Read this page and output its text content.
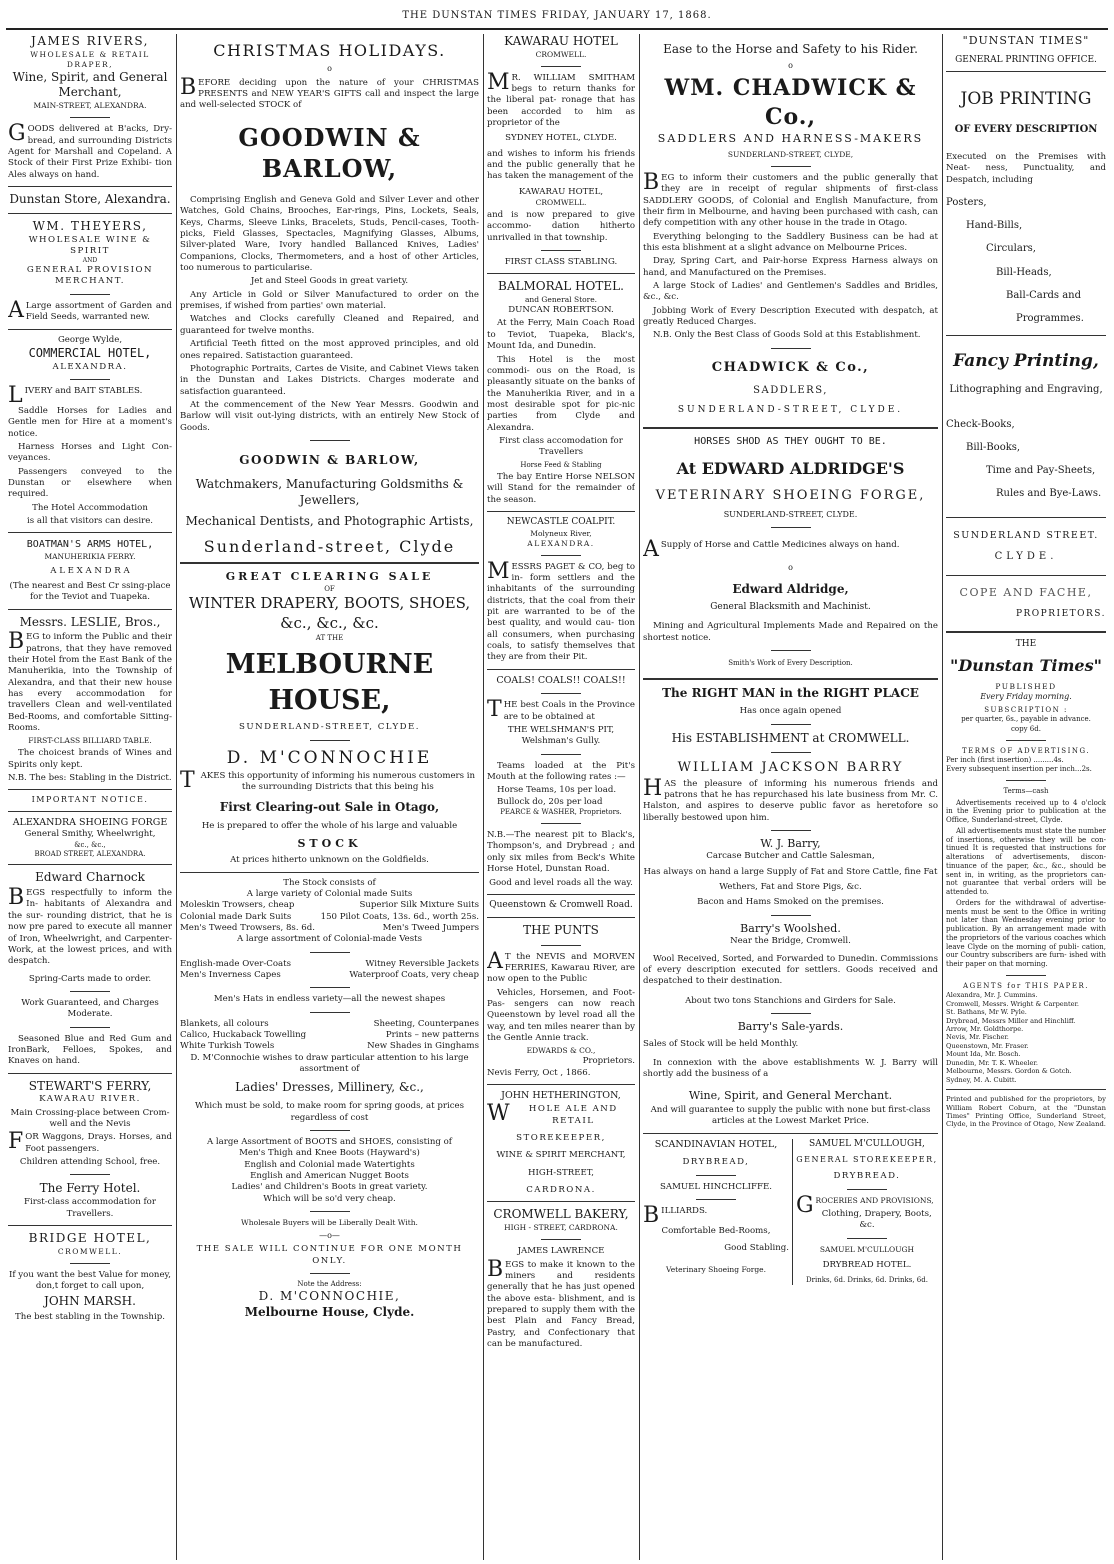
THE DUNSTAN TIMES FRIDAY, JANUARY 17, 1868.
JAMES RIVERS,
WHOLESALE & RETAIL DRAPER,
Wine, Spirit, and General
Merchant,
MAIN-STREET, ALEXANDRA.

GOODS delivered at B'acks, Dry- bread, and surrounding Districts Agent for Marshall and Copeland. A Stock of their First Prize Exhibi- tion Ales always on hand.

Dunstan Store, Alexandra.
WM. THEYERS,
WHOLESALE WINE & SPIRIT
AND
GENERAL PROVISION
MERCHANT.

A Large assortment of Garden and Field Seeds, warranted new.

George Wylde,
COMMERCIAL HOTEL,
ALEXANDRA.

LIVERY and BAIT STABLES.

Saddle Horses for Ladies and Gentle men for Hire at a moment's notice.

Harness Horses and Light Con- veyances.

Passengers conveyed to the Dunstan or elsewhere when required.

The Hotel Accommodation

is all that visitors can desire.

BOATMAN'S ARMS HOTEL,
MANUHERIKIA FERRY.
A L E X A N D R A

(The nearest and Best Cr ssing-place for the Teviot and Tuapeka.

Messrs. LESLIE, Bros.,

BEG to inform the Public and their patrons, that they have removed their Hotel from the East Bank of the Manuherikia, into the Township of Alexandra, and that their new house has every accommodation for travellers Clean and well-ventilated Bed-Rooms, and comfortable Sitting-Rooms.

FIRST-CLASS BILLIARD TABLE.

The choicest brands of Wines and Spirits only kept.

N.B. The bes: Stabling in the District.

IMPORTANT NOTICE.
ALEXANDRA SHOEING FORGE
General Smithy, Wheelwright,
&c., &c.,
BROAD STREET, ALEXANDRA.
Edward Charnock

BEGS respectfully to inform the In- habitants of Alexandra and the sur- rounding district, that he is now pre pared to execute all manner of Iron, Wheelwright, and Carpenter-Work, at the lowest prices, and with despatch.

Spring-Carts made to order.

Work Guaranteed, and Charges Moderate.

Seasoned Blue and Red Gum and IronBark, Felloes, Spokes, and Knaves on hand.

STEWART'S FERRY,
KAWARAU RIVER.

Main Crossing-place between Crom- well and the Nevis

FOR Waggons, Drays. Horses, and Foot passengers.

Children attending School, free.

The Ferry Hotel.
First-class accommodation for
Travellers.
BRIDGE HOTEL,
CROMWELL.

If you want the best Value for money, don,t forget to call upon,

JOHN MARSH.

The best stabling in the Township.

CHRISTMAS HOLIDAYS.
o

BEFORE deciding upon the nature of your CHRISTMAS PRESENTS and NEW YEAR'S GIFTS call and inspect the large and well-selected STOCK of

GOODWIN & BARLOW,

Comprising English and Geneva Gold and Silver Lever and other Watches, Gold Chains, Brooches, Ear-rings, Pins, Lockets, Seals, Keys, Charms, Sleeve Links, Bracelets, Studs, Pencil-cases, Tooth-picks, Field Glasses, Spectacles, Magnifying Glasses, Albums, Silver-plated Ware, Ivory handled Ballanced Knives, Ladies' Companions, Clocks, Thermometers, and a host of other Articles, too numerous to particularise.

Jet and Steel Goods in great variety.

Any Article in Gold or Silver Manufactured to order on the premises, if wished from parties' own material.

Watches and Clocks carefully Cleaned and Repaired, and guaranteed for twelve months.

Artificial Teeth fitted on the most approved principles, and old ones repaired. Satistaction guaranteed.

Photographic Portraits, Cartes de Visite, and Cabinet Views taken in the Dunstan and Lakes Districts. Charges moderate and satisfaction guaranteed.

At the commencement of the New Year Messrs. Goodwin and Barlow will visit out-lying districts, with an entirely New Stock of Goods.

GOODWIN & BARLOW,
Watchmakers, Manufacturing Goldsmiths & Jewellers,
Mechanical Dentists, and Photographic Artists,
Sunderland-street, Clyde
GREAT CLEARING SALE
OF
WINTER DRAPERY, BOOTS, SHOES,
&c., &c., &c.
AT THE
MELBOURNE HOUSE,
SUNDERLAND-STREET, CLYDE.
D. M'CONNOCHIE

TAKES this opportunity of informing his numerous customers in the surrounding Districts that this being his

First Clearing-out Sale in Otago,
He is prepared to offer the whole of his large and valuable
STOCK
At prices hitherto unknown on the Goldfields.
The Stock consists of
A large variety of Colonial made Suits
Moleskin Trowsers, cheap	Superior Silk Mixture Suits
Colonial made Dark Suits	150 Pilot Coats, 13s. 6d., worth 25s.
Men's Tweed Trowsers, 8s. 6d.	Men's Tweed Jumpers
A large assortment of Colonial-made Vests
English-made Over-Coats	Witney Reversible Jackets
Men's Inverness Capes	Waterproof Coats, very cheap
Men's Hats in endless variety—all the newest shapes
Blankets, all colours	Sheeting, Counterpanes
Calico, Huckaback Towelling	Prints – new patterns
White Turkish Towels	New Shades in Ginghams
D. M'Connochie wishes to draw particular attention to his large assortment of
Ladies' Dresses, Millinery, &c.,
Which must be sold, to make room for spring goods, at prices regardless of cost
A large Assortment of BOOTS and SHOES, consisting of
Men's Thigh and Knee Boots (Hayward's)
English and Colonial made Watertights
English and American Nugget Boots
Ladies' and Children's Boots in great variety.
Which will be so'd very cheap.
Wholesale Buyers will be Liberally Dealt With.
—o—
THE SALE WILL CONTINUE FOR ONE MONTH ONLY.
Note the Address:
D. M'CONNOCHIE,
Melbourne House, Clyde.
KAWARAU HOTEL
CROMWELL.

M R. WILLIAM SMITHAM begs to return thanks for the liberal pat- ronage that has been accorded to him as proprietor of the

SYDNEY HOTEL, CLYDE.

and wishes to inform his friends and the public generally that he has taken the management of the

KAWARAU HOTEL,
CROMWELL.

and is now prepared to give accommo- dation hitherto unrivalled in that township.

FIRST CLASS STABLING.
BALMORAL HOTEL.
and General Store.
DUNCAN ROBERTSON.

At the Ferry, Main Coach Road to Teviot, Tuapeka, Black's, Mount Ida, and Dunedin.

This Hotel is the most commodi- ous on the Road, is pleasantly situate on the banks of the Manuherikia River, and in a most desirable spot for pic-nic parties from Clyde and Alexandra.

First class accomodation for Travellers

Horse Feed & Stabling

The bay Entire Horse NELSON will Stand for the remainder of the season.

NEWCASTLE COALPIT.
Molyneux River,
ALEXANDRA.

MESSRS PAGET & CO, beg to in- form settlers and the inhabitants of the surrounding districts, that the coal from their pit are warranted to be of the best quality, and would cau- tion all consumers, when purchasing coals, to satisfy themselves that they are from their Pit.

COALS! COALS!! COALS!!

THE best Coals in the Province are to be obtained at

THE WELSHMAN'S PIT,
Welshman's Gully.

Teams loaded at the Pit's Mouth at the following rates :—

Horse Teams, 10s per load.
Bullock do, 20s per load
PEARCE & WASHER, Proprietors.

N.B.—The nearest pit to Black's, Thompson's, and Drybread ; and only six miles from Beck's White Horse Hotel, Dunstan Road.

Good and level roads all the way.

Queenstown & Cromwell Road.
THE PUNTS

A T the NEVIS and MORVEN FERRIES, Kawarau River, are now open to the Public

Vehicles, Horsemen, and Foot-Pas- sengers can now reach Queenstown by level road all the way, and ten miles nearer than by the Gentle Annie track.

EDWARDS & CO.,
Proprietors.
Nevis Ferry, Oct , 1866.
JOHN HETHERINGTON,

W HOLE ALE AND RETAIL

STOREKEEPER,
WINE & SPIRIT MERCHANT,
HIGH-STREET,
CARDRONA.
CROMWELL BAKERY,
HIGH - STREET, CARDRONA.
JAMES LAWRENCE

BEGS to make it known to the miners and residents generally that he has just opened the above esta- blishment, and is prepared to supply them with the best Plain and Fancy Bread, Pastry, and Confectionary that can be manufactured.

Ease to the Horse and Safety to his Rider.
o
WM. CHADWICK & Co.,
SADDLERS AND HARNESS-MAKERS
SUNDERLAND-STREET, CLYDE,

BEG to inform their customers and the public generally that they are in receipt of regular shipments of first-class SADDLERY GOODS, of Colonial and English Manufacture, from their firm in Melbourne, and having been purchased with cash, can defy competition with any other house in the trade in Otago.

Everything belonging to the Saddlery Business can be had at this esta blishment at a slight advance on Melbourne Prices.

Dray, Spring Cart, and Pair-horse Express Harness always on hand, and Manufactured on the Premises.

A large Stock of Ladies' and Gentlemen's Saddles and Bridles, &c., &c.

Jobbing Work of Every Description Executed with despatch, at greatly Reduced Charges.

N.B. Only the Best Class of Goods Sold at this Establishment.

CHADWICK & Co.,
SADDLERS,
SUNDERLAND-STREET, CLYDE.
HORSES SHOD AS THEY OUGHT TO BE.
At EDWARD ALDRIDGE'S
VETERINARY SHOEING FORGE,
SUNDERLAND-STREET, CLYDE.

A Supply of Horse and Cattle Medicines always on hand.

o
Edward Aldridge,
General Blacksmith and Machinist.

Mining and Agricultural Implements Made and Repaired on the shortest notice.

Smith's Work of Every Description.
The RIGHT MAN in the RIGHT PLACE
Has once again opened
His ESTABLISHMENT at CROMWELL.
WILLIAM JACKSON BARRY

HAS the pleasure of informing his numerous friends and patrons that he has repurchased his late business from Mr. C. Halston, and aspires to deserve public favor as heretofore so liberally bestowed upon him.

W. J. Barry,
Carcase Butcher and Cattle Salesman,
Has always on hand a large Supply of Fat and Store Cattle, fine Fat
Wethers, Fat and Store Pigs, &c.
Bacon and Hams Smoked on the premises.
Barry's Woolshed.
Near the Bridge, Cromwell.

Wool Received, Sorted, and Forwarded to Dunedin. Commissions of every description executed for settlers. Goods received and despatched to their destination.

About two tons Stanchions and Girders for Sale.
Barry's Sale-yards.
Sales of Stock will be held Monthly.

In connexion with the above establishments W. J. Barry will shortly add the business of a

Wine, Spirit, and General Merchant.

And will guarantee to supply the public with none but first-class articles at the Lowest Market Price.

SCANDINAVIAN HOTEL,
DRYBREAD,
SAMUEL HINCHCLIFFE.

BILLIARDS.

Comfortable Bed-Rooms,
Good Stabling.
Veterinary Shoeing Forge.
SAMUEL M'CULLOUGH,
GENERAL STOREKEEPER,
DRYBREAD.

GROCERIES AND PROVISIONS,

Clothing, Drapery, Boots, &c.
SAMUEL M'CULLOUGH
DRYBREAD HOTEL.
Drinks, 6d. Drinks, 6d. Drinks, 6d.
"DUNSTAN TIMES"
GENERAL PRINTING OFFICE.
JOB PRINTING
OF EVERY DESCRIPTION

Executed on the Premises with Neat- ness, Punctuality, and Despatch, including

Posters,
Hand-Bills,
Circulars,
Bill-Heads,
Ball-Cards and
Programmes.
Fancy Printing,
Lithographing and Engraving,
Check-Books,
Bill-Books,
Time and Pay-Sheets,
Rules and Bye-Laws.
SUNDERLAND STREET.
CLYDE.
COPE AND FACHE,
PROPRIETORS.
THE
"Dunstan Times"
PUBLISHED
Every Friday morning.
SUBSCRIPTION :
per quarter, 6s., payable in advance.
copy 6d.
TERMS OF ADVERTISING.
Per inch (first insertion) .........4s.
Every subsequent insertion per inch...2s.
Terms—cash

Advertisements received up to 4 o'clock in the Evening prior to publication at the Office, Sunderland-street, Clyde.

All advertisements must state the number of insertions, otherwise they will be con- tinued It is requested that instructions for alterations of advertisements, discon- tinuance of the paper, &c., &c., should be sent in, in writing, as the proprietors can- not guarantee that verbal orders will be attended to.

Orders for the withdrawal of advertise- ments must be sent to the Office in writing not later than Wednesday evening prior to publication. By an arrangement made with the proprietors of the various coaches which leave Clyde on the morning of publi- cation, our Country subscribers are furn- ished with their paper on that morning.

AGENTS for THIS PAPER.
Alexandra, Mr. J. Cummins.
Cromwell, Messrs. Wright & Carpenter.
St. Bathans, Mr W. Pyle.
Drybread, Messrs Miller and Hinchliff.
Arrow, Mr. Goldthorpe.
Nevis, Mr. Fischer.
Queenstown, Mr. Fraser.
Mount Ida, Mr. Bosch.
Dunedin, Mr. T. K. Wheeler.
Melbourne, Messrs. Gordon & Gotch.
Sydney, M. A. Cubitt.

Printed and published for the proprietors, by William Robert Coburn, at the "Dunstan Times" Printing Office, Sunderland Street, Clyde, in the Province of Otago, New Zealand.
